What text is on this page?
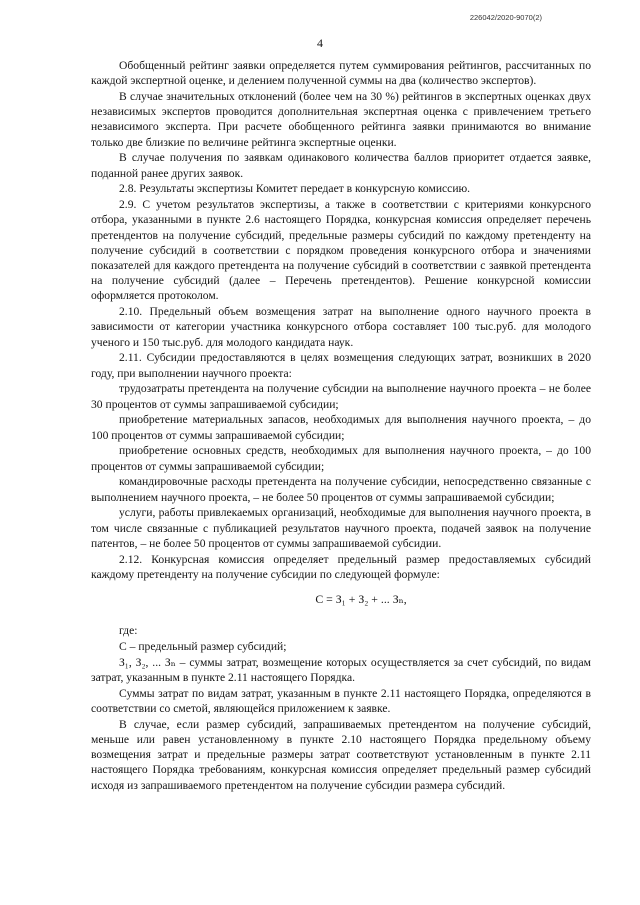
226042/2020-9070(2)
4

Обобщенный рейтинг заявки определяется путем суммирования рейтингов, рассчитанных по каждой экспертной оценке, и делением полученной суммы на два (количество экспертов).

В случае значительных отклонений (более чем на 30 %) рейтингов в экспертных оценках двух независимых экспертов проводится дополнительная экспертная оценка с привлечением третьего независимого эксперта. При расчете обобщенного рейтинга заявки принимаются во внимание только две близкие по величине рейтинга экспертные оценки.

В случае получения по заявкам одинакового количества баллов приоритет отдается заявке, поданной ранее других заявок.

2.8. Результаты экспертизы Комитет передает в конкурсную комиссию.

2.9. С учетом результатов экспертизы, а также в соответствии с критериями конкурсного отбора, указанными в пункте 2.6 настоящего Порядка, конкурсная комиссия определяет перечень претендентов на получение субсидий, предельные размеры субсидий по каждому претенденту на получение субсидий в соответствии с порядком проведения конкурсного отбора и значениями показателей для каждого претендента на получение субсидий в соответствии с заявкой претендента на получение субсидий (далее – Перечень претендентов). Решение конкурсной комиссии оформляется протоколом.

2.10. Предельный объем возмещения затрат на выполнение одного научного проекта в зависимости от категории участника конкурсного отбора составляет 100 тыс.руб. для молодого ученого и 150 тыс.руб. для молодого кандидата наук.

2.11. Субсидии предоставляются в целях возмещения следующих затрат, возникших в 2020 году, при выполнении научного проекта:

трудозатраты претендента на получение субсидии на выполнение научного проекта – не более 30 процентов от суммы запрашиваемой субсидии;

приобретение материальных запасов, необходимых для выполнения научного проекта, – до 100 процентов от суммы запрашиваемой субсидии;

приобретение основных средств, необходимых для выполнения научного проекта, – до 100 процентов от суммы запрашиваемой субсидии;

командировочные расходы претендента на получение субсидии, непосредственно связанные с выполнением научного проекта, – не более 50 процентов от суммы запрашиваемой субсидии;

услуги, работы привлекаемых организаций, необходимые для выполнения научного проекта, в том числе связанные с публикацией результатов научного проекта, подачей заявок на получение патентов, – не более 50 процентов от суммы запрашиваемой субсидии.

2.12. Конкурсная комиссия определяет предельный размер предоставляемых субсидий каждому претенденту на получение субсидии по следующей формуле:

С = З₁ + З₂ + ... Зₙ,

где:

С – предельный размер субсидий;

З₁, З₂, ... Зₙ – суммы затрат, возмещение которых осуществляется за счет субсидий, по видам затрат, указанным в пункте 2.11 настоящего Порядка.

Суммы затрат по видам затрат, указанным в пункте 2.11 настоящего Порядка, определяются в соответствии со сметой, являющейся приложением к заявке.

В случае, если размер субсидий, запрашиваемых претендентом на получение субсидий, меньше или равен установленному в пункте 2.10 настоящего Порядка предельному объему возмещения затрат и предельные размеры затрат соответствуют установленным в пункте 2.11 настоящего Порядка требованиям, конкурсная комиссия определяет предельный размер субсидий исходя из запрашиваемого претендентом на получение субсидии размера субсидий.
